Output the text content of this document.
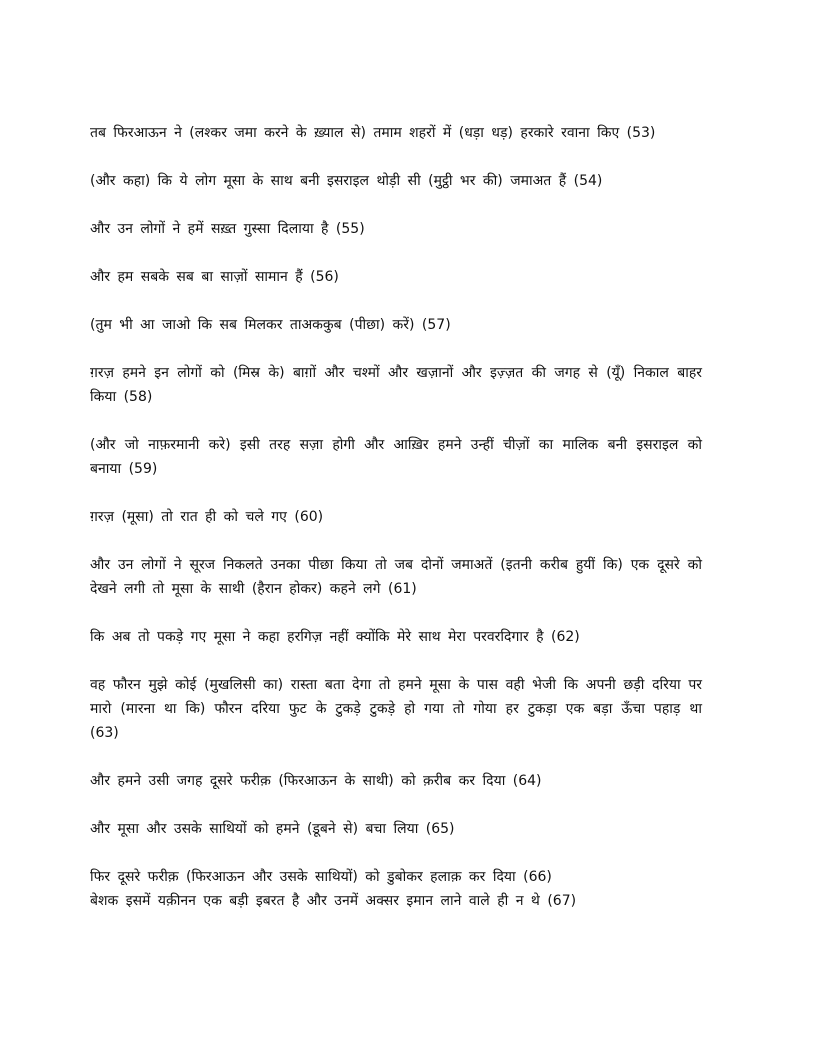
तब फिरआऊन ने (लश्कर जमा करने के ख़्याल से) तमाम शहरों में (धड़ा धड़) हरकारे रवाना किए (53)

(और कहा) कि ये लोग मूसा के साथ बनी इसराइल थोड़ी सी (मुट्ठी भर की) जमाअत हैं (54)

और उन लोगों ने हमें सख़्त गुस्सा दिलाया है (55)

और हम सबके सब बा साज़ों सामान हैं (56)

(तुम भी आ जाओ कि सब मिलकर ताअककुब (पीछा) करें) (57)

ग़रज़ हमने इन लोगों को (मिस्र के) बाग़ों और चश्मों और खज़ानों और इज़्ज़त की जगह से (यूँ) निकाल बाहर किया (58)

(और जो नाफ़रमानी करे) इसी तरह सज़ा होगी और आख़िर हमने उन्हीं चीज़ों का मालिक बनी इसराइल को बनाया (59)

ग़रज़ (मूसा) तो रात ही को चले गए (60)

और उन लोगों ने सूरज निकलते उनका पीछा किया तो जब दोनों जमाअतें (इतनी करीब हुयीं कि) एक दूसरे को देखने लगी तो मूसा के साथी (हैरान होकर) कहने लगे (61)

कि अब तो पकड़े गए मूसा ने कहा हरगिज़ नहीं क्योंकि मेरे साथ मेरा परवरदिगार है (62)

वह फौरन मुझे कोई (मुखलिसी का) रास्ता बता देगा तो हमने मूसा के पास वही भेजी कि अपनी छड़ी दरिया पर मारो (मारना था कि) फौरन दरिया फुट के टुकड़े टुकड़े हो गया तो गोया हर टुकड़ा एक बड़ा ऊँचा पहाड़ था (63)

और हमने उसी जगह दूसरे फरीक़ (फिरआऊन के साथी) को क़रीब कर दिया (64)

और मूसा और उसके साथियों को हमने (डूबने से) बचा लिया (65)

फिर दूसरे फरीक़ (फिरआऊन और उसके साथियों) को डुबोकर हलाक़ कर दिया (66)

बेशक इसमें यक़ीनन एक बड़ी इबरत है और उनमें अक्सर इमान लाने वाले ही न थे (67)
